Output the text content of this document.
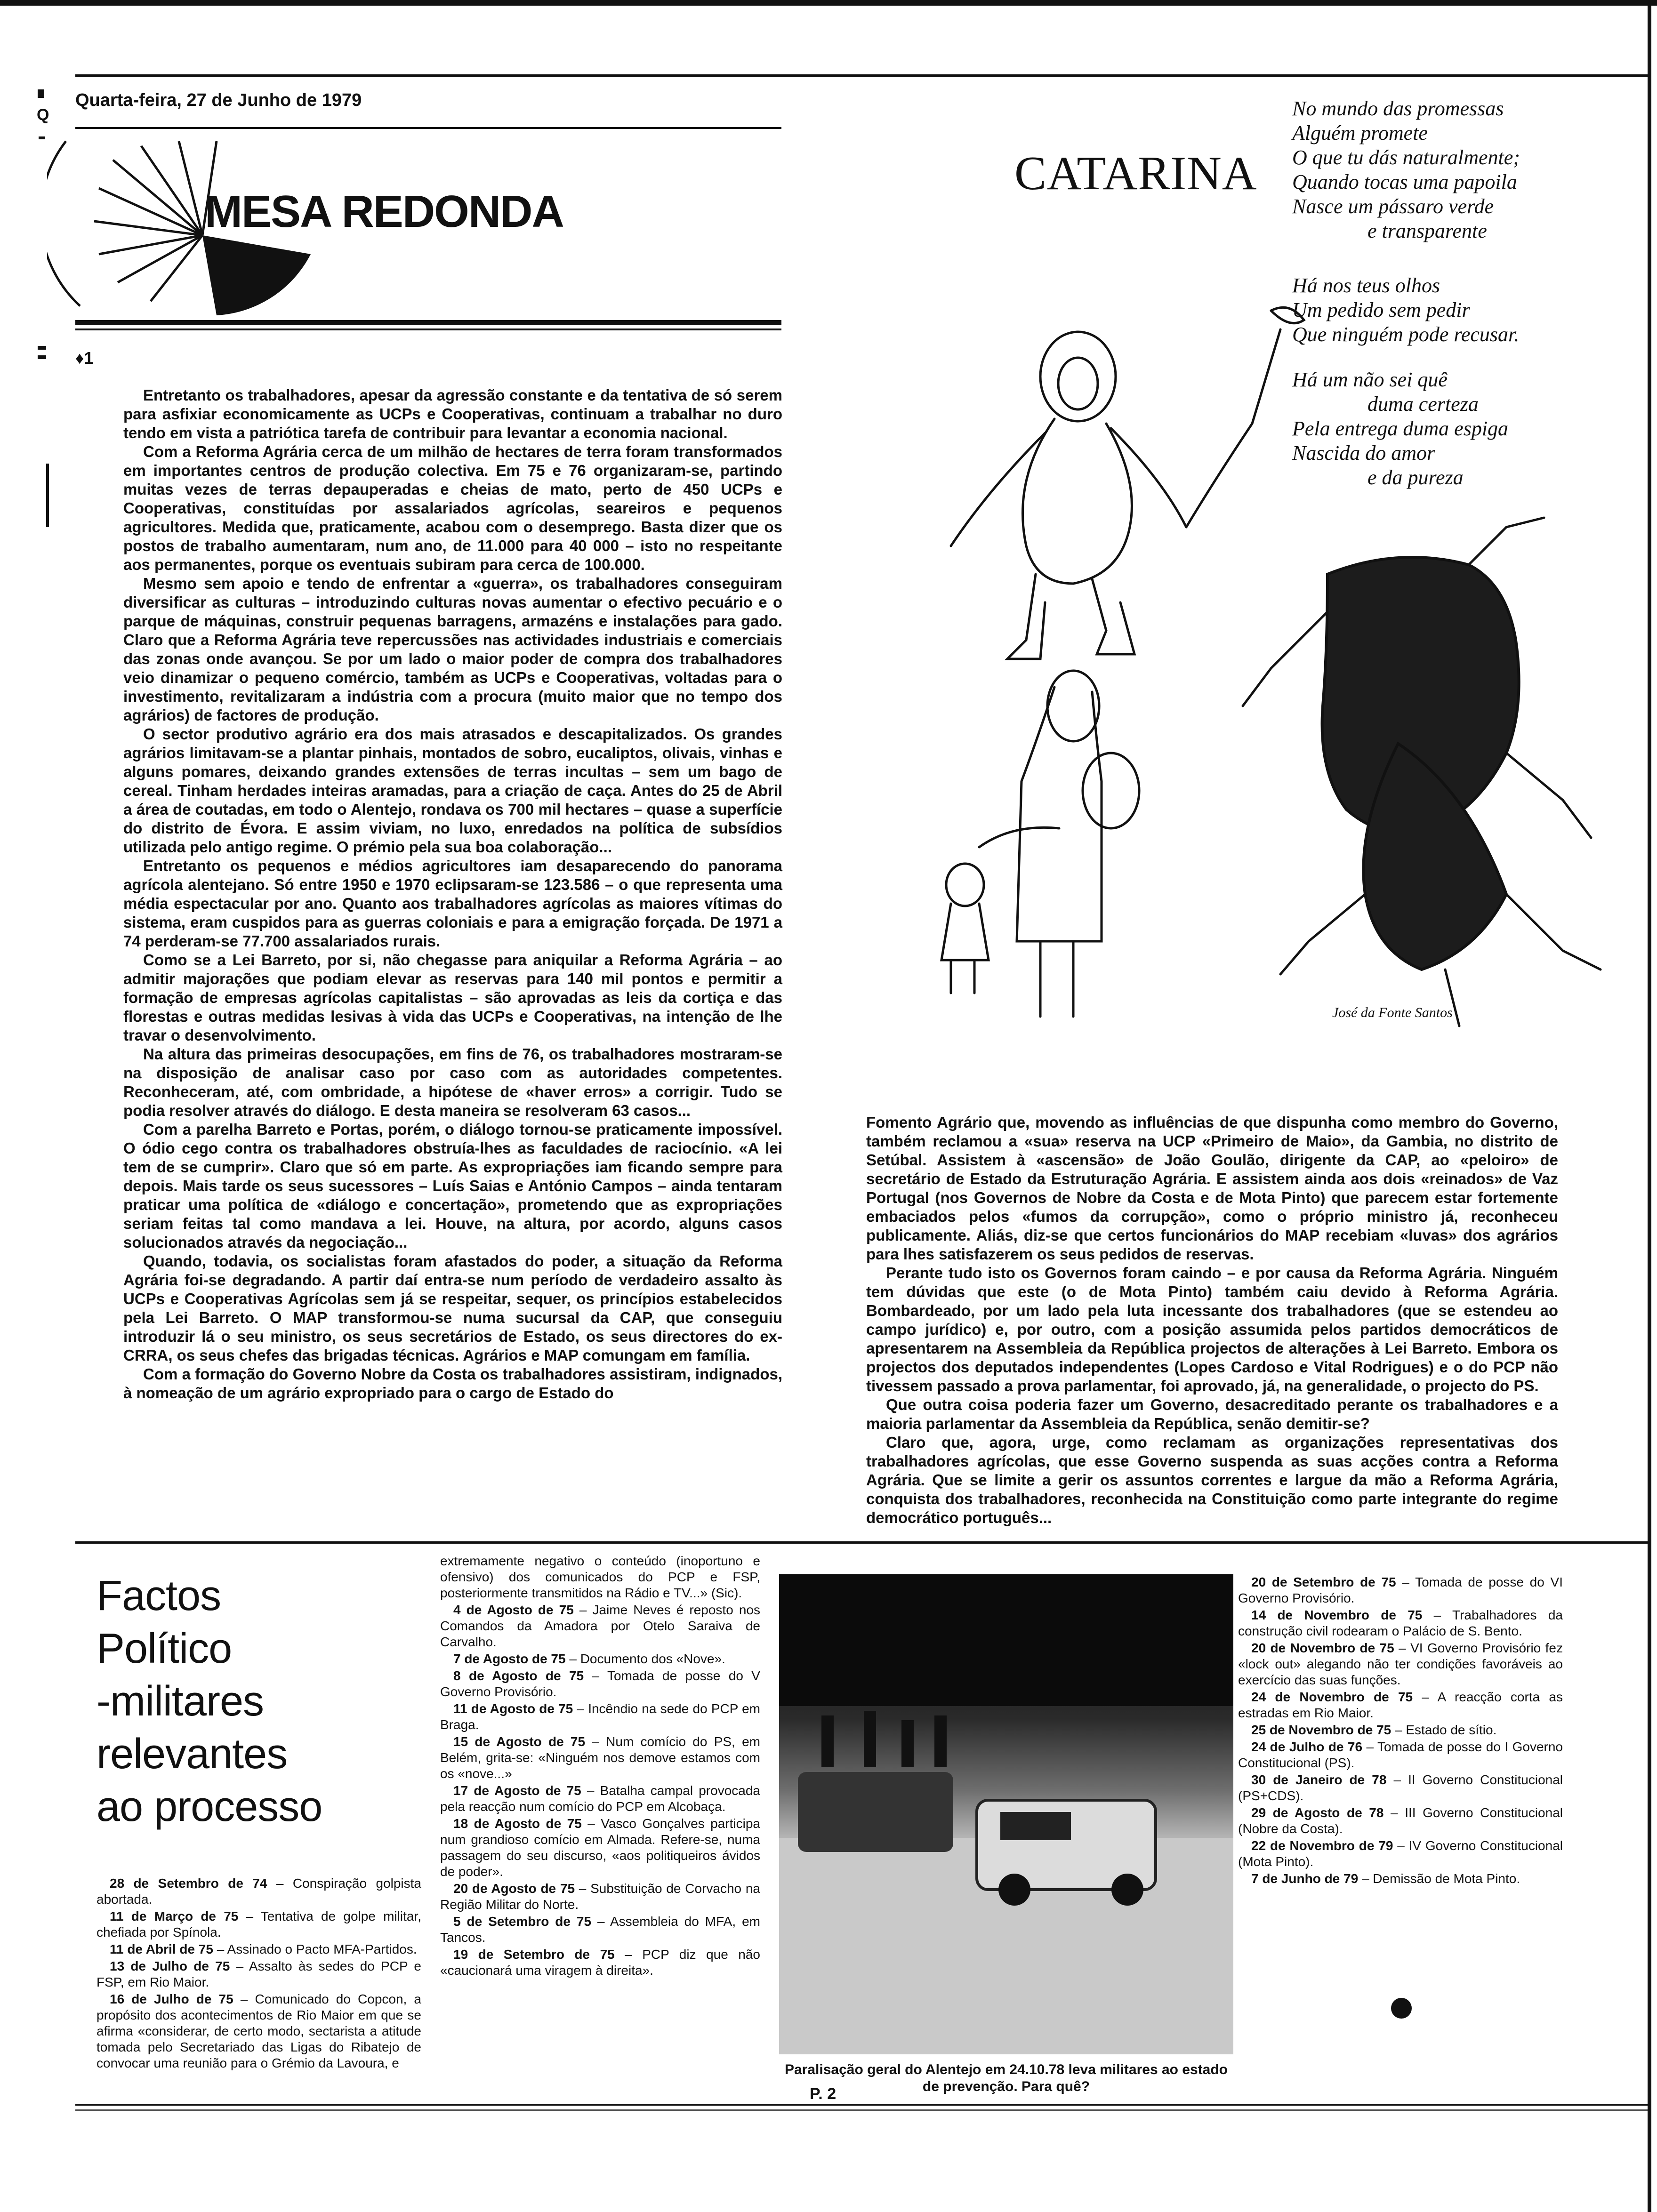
Q
Quarta-feira, 27 de Junho de 1979
DL
MESA REDONDA
CATARINA

No mundo das promessas

Alguém promete

O que tu dás naturalmente;

Quando tocas uma papoila

Nasce um pássaro verde

e transparente

Há nos teus olhos

Um pedido sem pedir

Que ninguém pode recusar.

Há um não sei quê

duma certeza

Pela entrega duma espiga

Nascida do amor

e da pureza

José da Fonte Santos
♦1

Entretanto os trabalhadores, apesar da agressão constante e da tentativa de só serem para asfixiar economicamente as UCPs e Cooperativas, continuam a trabalhar no duro tendo em vista a patriótica tarefa de contribuir para levantar a economia nacional.

Com a Reforma Agrária cerca de um milhão de hectares de terra foram transformados em importantes centros de produção colectiva. Em 75 e 76 organizaram-se, partindo muitas vezes de terras depauperadas e cheias de mato, perto de 450 UCPs e Cooperativas, constituídas por assalariados agrícolas, seareiros e pequenos agricultores. Medida que, praticamente, acabou com o desemprego. Basta dizer que os postos de trabalho aumentaram, num ano, de 11.000 para 40 000 – isto no respeitante aos permanentes, porque os eventuais subiram para cerca de 100.000.

Mesmo sem apoio e tendo de enfrentar a «guerra», os trabalhadores conseguiram diversificar as culturas – introduzindo culturas novas aumentar o efectivo pecuário e o parque de máquinas, construir pequenas barragens, armazéns e instalações para gado. Claro que a Reforma Agrária teve repercussões nas actividades industriais e comerciais das zonas onde avançou. Se por um lado o maior poder de compra dos trabalhadores veio dinamizar o pequeno comércio, também as UCPs e Cooperativas, voltadas para o investimento, revitalizaram a indústria com a procura (muito maior que no tempo dos agrários) de factores de produção.

O sector produtivo agrário era dos mais atrasados e descapitalizados. Os grandes agrários limitavam-se a plantar pinhais, montados de sobro, eucaliptos, olivais, vinhas e alguns pomares, deixando grandes extensões de terras incultas – sem um bago de cereal. Tinham herdades inteiras aramadas, para a criação de caça. Antes do 25 de Abril a área de coutadas, em todo o Alentejo, rondava os 700 mil hectares – quase a superfície do distrito de Évora. E assim viviam, no luxo, enredados na política de subsídios utilizada pelo antigo regime. O prémio pela sua boa colaboração...

Entretanto os pequenos e médios agricultores iam desaparecendo do panorama agrícola alentejano. Só entre 1950 e 1970 eclipsaram-se 123.586 – o que representa uma média espectacular por ano. Quanto aos trabalhadores agrícolas as maiores vítimas do sistema, eram cuspidos para as guerras coloniais e para a emigração forçada. De 1971 a 74 perderam-se 77.700 assalariados rurais.

Como se a Lei Barreto, por si, não chegasse para aniquilar a Reforma Agrária – ao admitir majorações que podiam elevar as reservas para 140 mil pontos e permitir a formação de empresas agrícolas capitalistas – são aprovadas as leis da cortiça e das florestas e outras medidas lesivas à vida das UCPs e Cooperativas, na intenção de lhe travar o desenvolvimento.

Na altura das primeiras desocupações, em fins de 76, os trabalhadores mostraram-se na disposição de analisar caso por caso com as autoridades competentes. Reconheceram, até, com ombridade, a hipótese de «haver erros» a corrigir. Tudo se podia resolver através do diálogo. E desta maneira se resolveram 63 casos...

Com a parelha Barreto e Portas, porém, o diálogo tornou-se praticamente impossível. O ódio cego contra os trabalhadores obstruía-lhes as faculdades de raciocínio. «A lei tem de se cumprir». Claro que só em parte. As expropriações iam ficando sempre para depois. Mais tarde os seus sucessores – Luís Saias e António Campos – ainda tentaram praticar uma política de «diálogo e concertação», prometendo que as expropriações seriam feitas tal como mandava a lei. Houve, na altura, por acordo, alguns casos solucionados através da negociação...

Quando, todavia, os socialistas foram afastados do poder, a situação da Reforma Agrária foi-se degradando. A partir daí entra-se num período de verdadeiro assalto às UCPs e Cooperativas Agrícolas sem já se respeitar, sequer, os princípios estabelecidos pela Lei Barreto. O MAP transformou-se numa sucursal da CAP, que conseguiu introduzir lá o seu ministro, os seus secretários de Estado, os seus directores do ex-CRRA, os seus chefes das brigadas técnicas. Agrários e MAP comungam em família.

Com a formação do Governo Nobre da Costa os trabalhadores assistiram, indignados, à nomeação de um agrário expropriado para o cargo de Estado do

Fomento Agrário que, movendo as influências de que dispunha como membro do Governo, também reclamou a «sua» reserva na UCP «Primeiro de Maio», da Gambia, no distrito de Setúbal. Assistem à «ascensão» de João Goulão, dirigente da CAP, ao «peloiro» de secretário de Estado da Estruturação Agrária. E assistem ainda aos dois «reinados» de Vaz Portugal (nos Governos de Nobre da Costa e de Mota Pinto) que parecem estar fortemente embaciados pelos «fumos da corrupção», como o próprio ministro já, reconheceu publicamente. Aliás, diz-se que certos funcionários do MAP recebiam «luvas» dos agrários para lhes satisfazerem os seus pedidos de reservas.

Perante tudo isto os Governos foram caindo – e por causa da Reforma Agrária. Ninguém tem dúvidas que este (o de Mota Pinto) também caiu devido à Reforma Agrária. Bombardeado, por um lado pela luta incessante dos trabalhadores (que se estendeu ao campo jurídico) e, por outro, com a posição assumida pelos partidos democráticos de apresentarem na Assembleia da República projectos de alterações à Lei Barreto. Embora os projectos dos deputados independentes (Lopes Cardoso e Vital Rodrigues) e o do PCP não tivessem passado a prova parlamentar, foi aprovado, já, na generalidade, o projecto do PS.

Que outra coisa poderia fazer um Governo, desacreditado perante os trabalhadores e a maioria parlamentar da Assembleia da República, senão demitir-se?

Claro que, agora, urge, como reclamam as organizações representativas dos trabalhadores agrícolas, que esse Governo suspenda as suas acções contra a Reforma Agrária. Que se limite a gerir os assuntos correntes e largue da mão a Reforma Agrária, conquista dos trabalhadores, reconhecida na Constituição como parte integrante do regime democrático português...

Factos
Político
-militares
relevantes
ao processo

28 de Setembro de 74 – Conspiração golpista abortada.

11 de Março de 75 – Tentativa de golpe militar, chefiada por Spínola.

11 de Abril de 75 – Assinado o Pacto MFA-Partidos.

13 de Julho de 75 – Assalto às sedes do PCP e FSP, em Rio Maior.

16 de Julho de 75 – Comunicado do Copcon, a propósito dos acontecimentos de Rio Maior em que se afirma «considerar, de certo modo, sectarista a atitude tomada pelo Secretariado das Ligas do Ribatejo de convocar uma reunião para o Grémio da Lavoura, e

extremamente negativo o conteúdo (inoportuno e ofensivo) dos comunicados do PCP e FSP, posteriormente transmitidos na Rádio e TV...» (Sic).

4 de Agosto de 75 – Jaime Neves é reposto nos Comandos da Amadora por Otelo Saraiva de Carvalho.

7 de Agosto de 75 – Documento dos «Nove».

8 de Agosto de 75 – Tomada de posse do V Governo Provisório.

11 de Agosto de 75 – Incêndio na sede do PCP em Braga.

15 de Agosto de 75 – Num comício do PS, em Belém, grita-se: «Ninguém nos demove estamos com os «nove...»

17 de Agosto de 75 – Batalha campal provocada pela reacção num comício do PCP em Alcobaça.

18 de Agosto de 75 – Vasco Gonçalves participa num grandioso comício em Almada. Refere-se, numa passagem do seu discurso, «aos politiqueiros ávidos de poder».

20 de Agosto de 75 – Substituição de Corvacho na Região Militar do Norte.

5 de Setembro de 75 – Assembleia do MFA, em Tancos.

19 de Setembro de 75 – PCP diz que não «caucionará uma viragem à direita».

Paralisação geral do Alentejo em 24.10.78 leva militares ao estado de prevenção. Para quê?

20 de Setembro de 75 – Tomada de posse do VI Governo Provisório.

14 de Novembro de 75 – Trabalhadores da construção civil rodearam o Palácio de S. Bento.

20 de Novembro de 75 – VI Governo Provisório fez «lock out» alegando não ter condições favoráveis ao exercício das suas funções.

24 de Novembro de 75 – A reacção corta as estradas em Rio Maior.

25 de Novembro de 75 – Estado de sítio.

24 de Julho de 76 – Tomada de posse do I Governo Constitucional (PS).

30 de Janeiro de 78 – II Governo Constitucional (PS+CDS).

29 de Agosto de 78 – III Governo Constitucional (Nobre da Costa).

22 de Novembro de 79 – IV Governo Constitucional (Mota Pinto).

7 de Junho de 79 – Demissão de Mota Pinto.

P. 2
